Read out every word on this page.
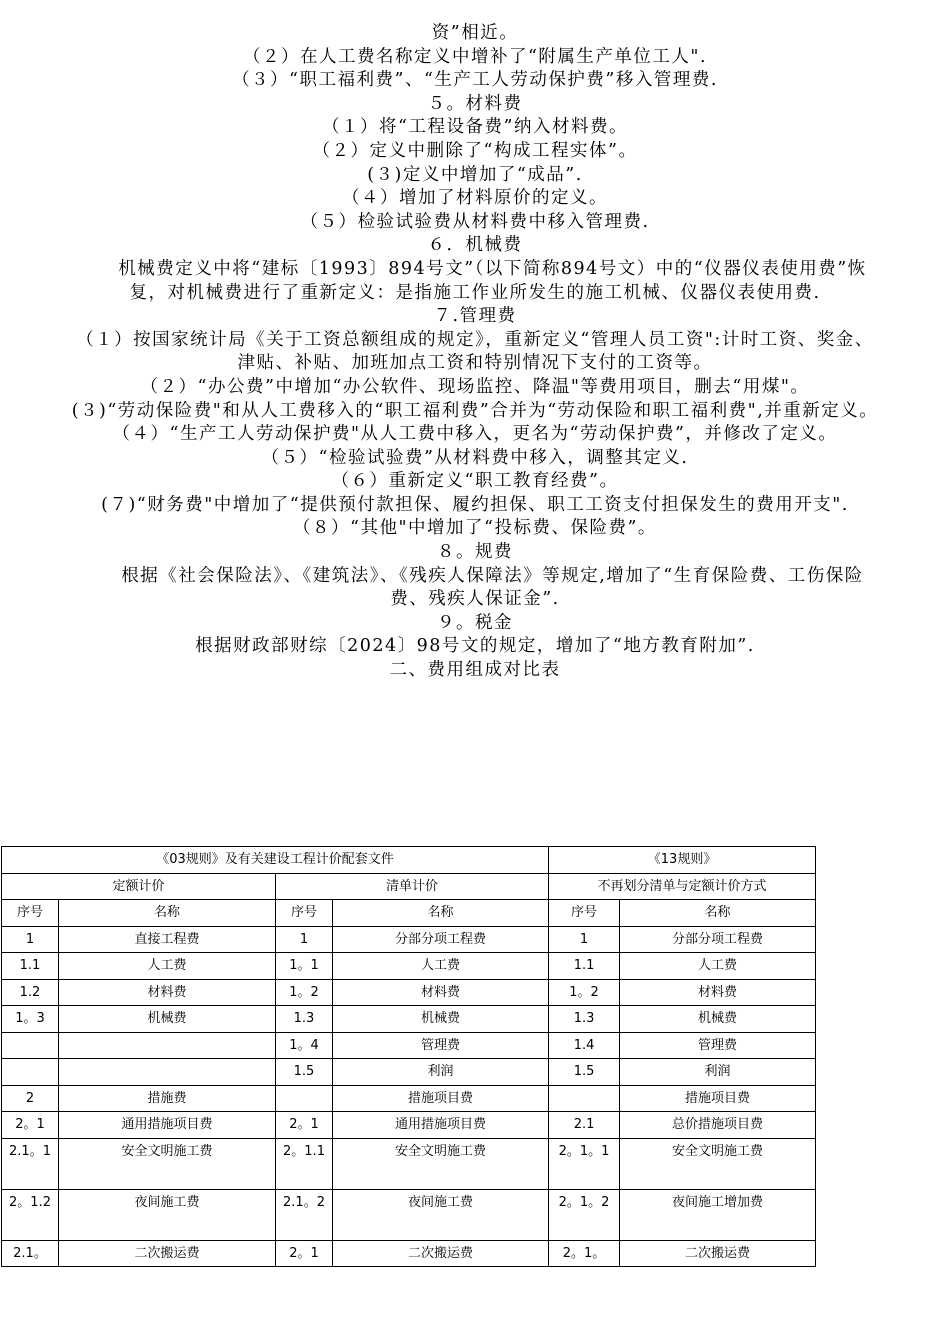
资”相近。
（２）在人工费名称定义中增补了“附属生产单位工人".
（３）“职工福利费”、“生产工人劳动保护费”移入管理费.
５。材料费
（１）将“工程设备费”纳入材料费。
（２）定义中删除了“构成工程实体”。
(３)定义中增加了“成品”.
（４）增加了材料原价的定义。
（５）检验试验费从材料费中移入管理费.
６．机械费
机械费定义中将“建标〔1993〕894号文”（以下简称894号文）中的“仪器仪表使用费”恢复，对机械费进行了重新定义：是指施工作业所发生的施工机械、仪器仪表使用费.
７.管理费
（１）按国家统计局《关于工资总额组成的规定》，重新定义“管理人员工资":计时工资、奖金、津贴、补贴、加班加点工资和特别情况下支付的工资等。
（２）“办公费”中增加“办公软件、现场监控、降温"等费用项目，删去“用煤"。
(３)“劳动保险费"和从人工费移入的“职工福利费”合并为“劳动保险和职工福利费",并重新定义。
（４）“生产工人劳动保护费"从人工费中移入，更名为“劳动保护费”，并修改了定义。
（５）“检验试验费”从材料费中移入，调整其定义.
（６）重新定义“职工教育经费”。
(７)“财务费"中增加了“提供预付款担保、履约担保、职工工资支付担保发生的费用开支".
（８）“其他"中增加了“投标费、保险费”。
８。规费
根据《社会保险法》、《建筑法》、《残疾人保障法》等规定,增加了“生育保险费、工伤保险费、残疾人保证金”.
９。税金
根据财政部财综〔2024〕98号文的规定，增加了“地方教育附加”.
二、费用组成对比表
《03规则》及有关建设工程计价配套文件				《13规则》	
定额计价		清单计价		不再划分清单与定额计价方式	
序号	名称	序号	名称	序号	名称
1	直接工程费	1	分部分项工程费	1	分部分项工程费
1.1	人工费	1。1	人工费	1.1	人工费
1.2	材料费	1。2	材料费	1。2	材料费
1。3	机械费	1.3	机械费	1.3	机械费
		1。4	管理费	1.4	管理费
		1.5	利润	1.5	利润
2	措施费		措施项目费		措施项目费
2。1	通用措施项目费	2。1	通用措施项目费	2.1	总价措施项目费
2.1。1	安全文明施工费	2。1.1	安全文明施工费	2。1。1	安全文明施工费
2。1.2	夜间施工费	2.1。2	夜间施工费	2。1。2	夜间施工增加费
2.1。	二次搬运费	2。1	二次搬运费	2。1。	二次搬运费
